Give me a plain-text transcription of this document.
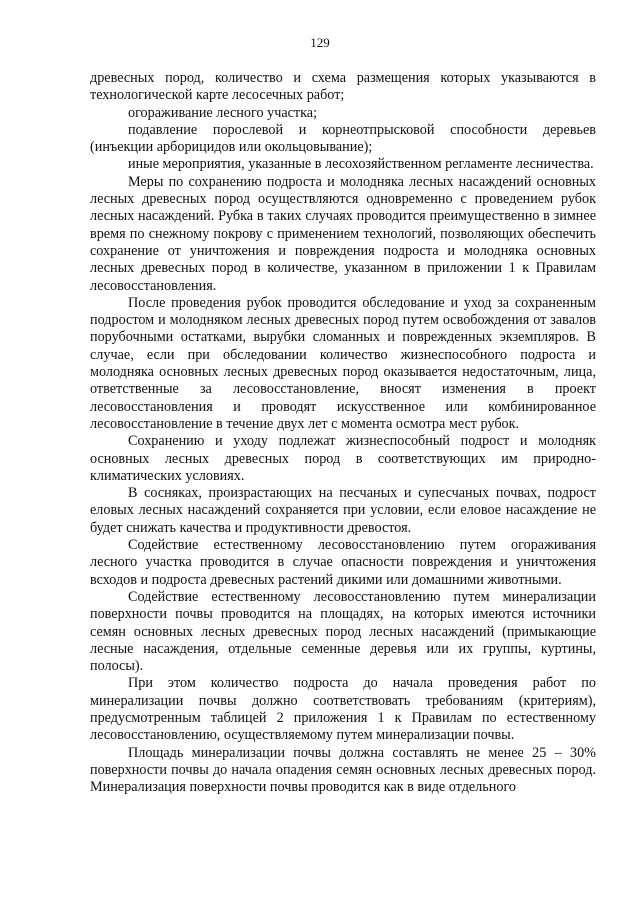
129

древесных пород, количество и схема размещения которых указываются в технологической карте лесосечных работ;

огораживание лесного участка;

подавление порослевой и корнеотпрысковой способности деревьев (инъекции арборицидов или окольцовывание);

иные мероприятия, указанные в лесохозяйственном регламенте лесничества.

Меры по сохранению подроста и молодняка лесных насаждений основных лесных древесных пород осуществляются одновременно с проведением рубок лесных насаждений. Рубка в таких случаях проводится преимущественно в зимнее время по снежному покрову с применением технологий, позволяющих обеспечить сохранение от уничтожения и повреждения подроста и молодняка основных лесных древесных пород в количестве, указанном в приложении 1 к Правилам лесовосстановления.

После проведения рубок проводится обследование и уход за сохраненным подростом и молодняком лесных древесных пород путем освобождения от завалов порубочными остатками, вырубки сломанных и поврежденных экземпляров. В случае, если при обследовании количество жизнеспособного подроста и молодняка основных лесных древесных пород оказывается недостаточным, лица, ответственные за лесовосстановление, вносят изменения в проект лесовосстановления и проводят искусственное или комбинированное лесовосстановление в течение двух лет с момента осмотра мест рубок.

Сохранению и уходу подлежат жизнеспособный подрост и молодняк основных лесных древесных пород в соответствующих им природно-климатических условиях.

В сосняках, произрастающих на песчаных и супесчаных почвах, подрост еловых лесных насаждений сохраняется при условии, если еловое насаждение не будет снижать качества и продуктивности древостоя.

Содействие естественному лесовосстановлению путем огораживания лесного участка проводится в случае опасности повреждения и уничтожения всходов и подроста древесных растений дикими или домашними животными.

Содействие естественному лесовосстановлению путем минерализации поверхности почвы проводится на площадях, на которых имеются источники семян основных лесных древесных пород лесных насаждений (примыкающие лесные насаждения, отдельные семенные деревья или их группы, куртины, полосы).

При этом количество подроста до начала проведения работ по минерализации почвы должно соответствовать требованиям (критериям), предусмотренным таблицей 2 приложения 1 к Правилам по естественному лесовосстановлению, осуществляемому путем минерализации почвы.

Площадь минерализации почвы должна составлять не менее 25 – 30% поверхности почвы до начала опадения семян основных лесных древесных пород. Минерализация поверхности почвы проводится как в виде отдельного
